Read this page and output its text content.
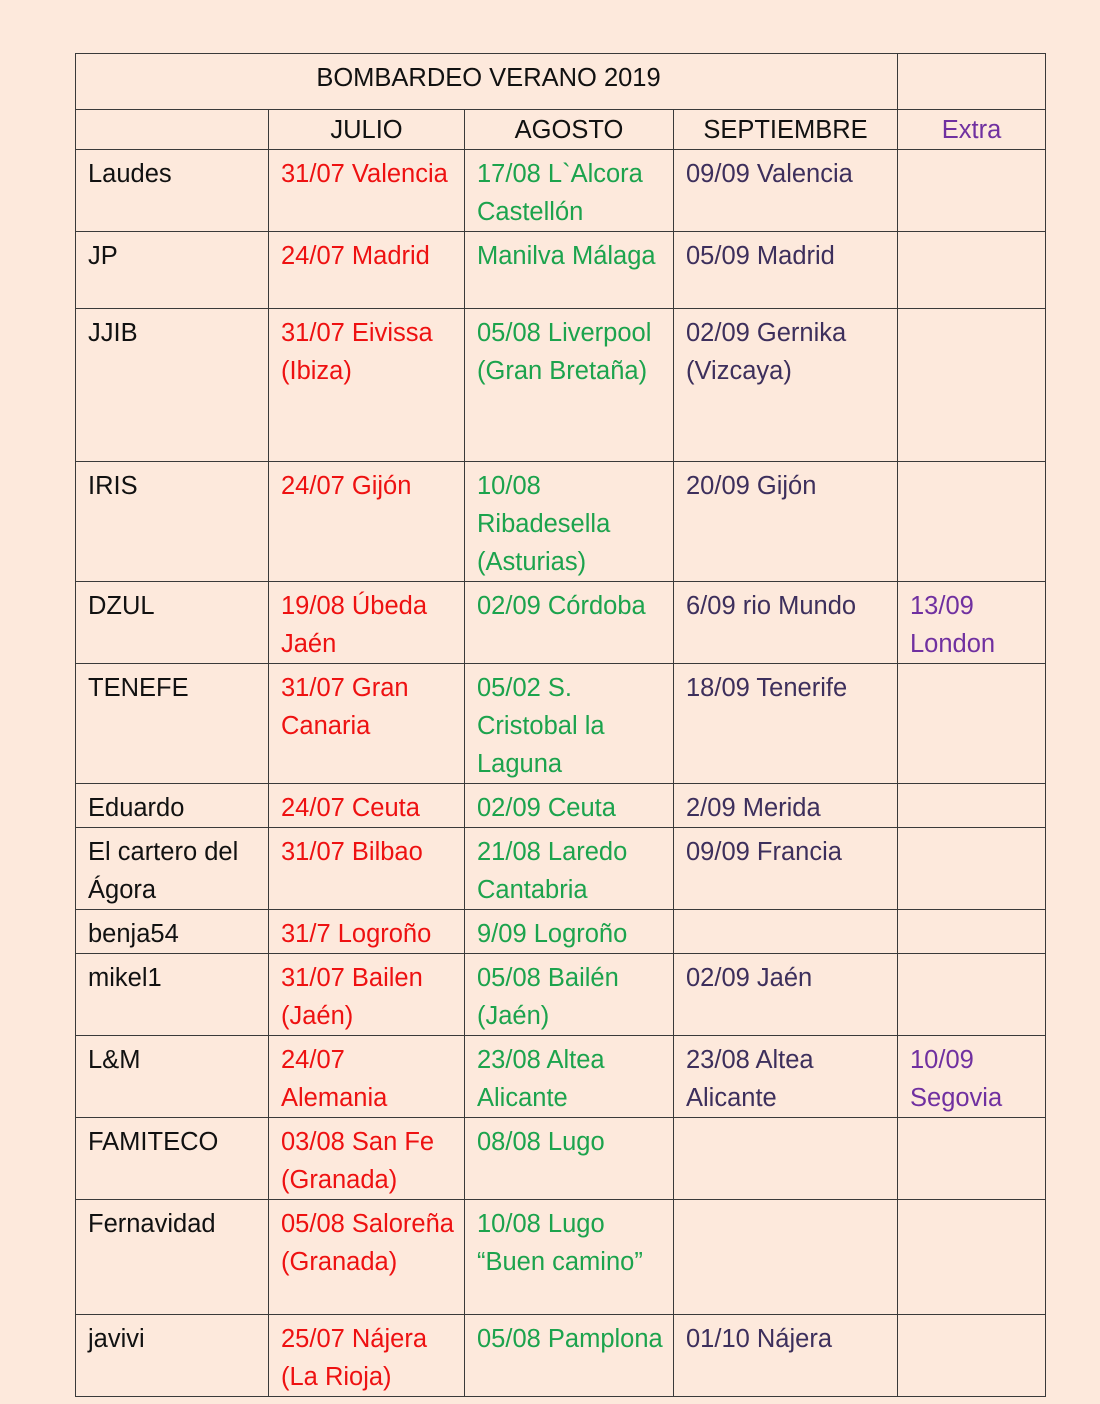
BOMBARDEO VERANO 2019				
	JULIO	AGOSTO	SEPTIEMBRE	Extra
Laudes	31/07 Valencia	17/08 L`Alcora Castellón	09/09 Valencia	
JP	24/07 Madrid	Manilva Málaga	05/09 Madrid	
JJIB	31/07 Eivissa (Ibiza)	05/08 Liverpool (Gran Bretaña)	02/09 Gernika (Vizcaya)	
IRIS	24/07 Gijón	10/08 Ribadesella (Asturias)	20/09 Gijón	
DZUL	19/08 Úbeda Jaén	02/09 Córdoba	6/09 rio Mundo	13/09 London
TENEFE	31/07 Gran Canaria	05/02 S. Cristobal la Laguna	18/09 Tenerife	
Eduardo	24/07 Ceuta	02/09 Ceuta	2/09 Merida	
El cartero del Ágora	31/07 Bilbao	21/08 Laredo Cantabria	09/09 Francia	
benja54	31/7 Logroño	9/09 Logroño		
mikel1	31/07 Bailen (Jaén)	05/08 Bailén (Jaén)	02/09 Jaén	
L&M	24/07 Alemania	23/08 Altea Alicante	23/08 Altea Alicante	10/09 Segovia
FAMITECO	03/08 San Fe (Granada)	08/08 Lugo		
Fernavidad	05/08 Saloreña (Granada)	10/08 Lugo “Buen camino”		
javivi	25/07 Nájera (La Rioja)	05/08 Pamplona	01/10 Nájera	
